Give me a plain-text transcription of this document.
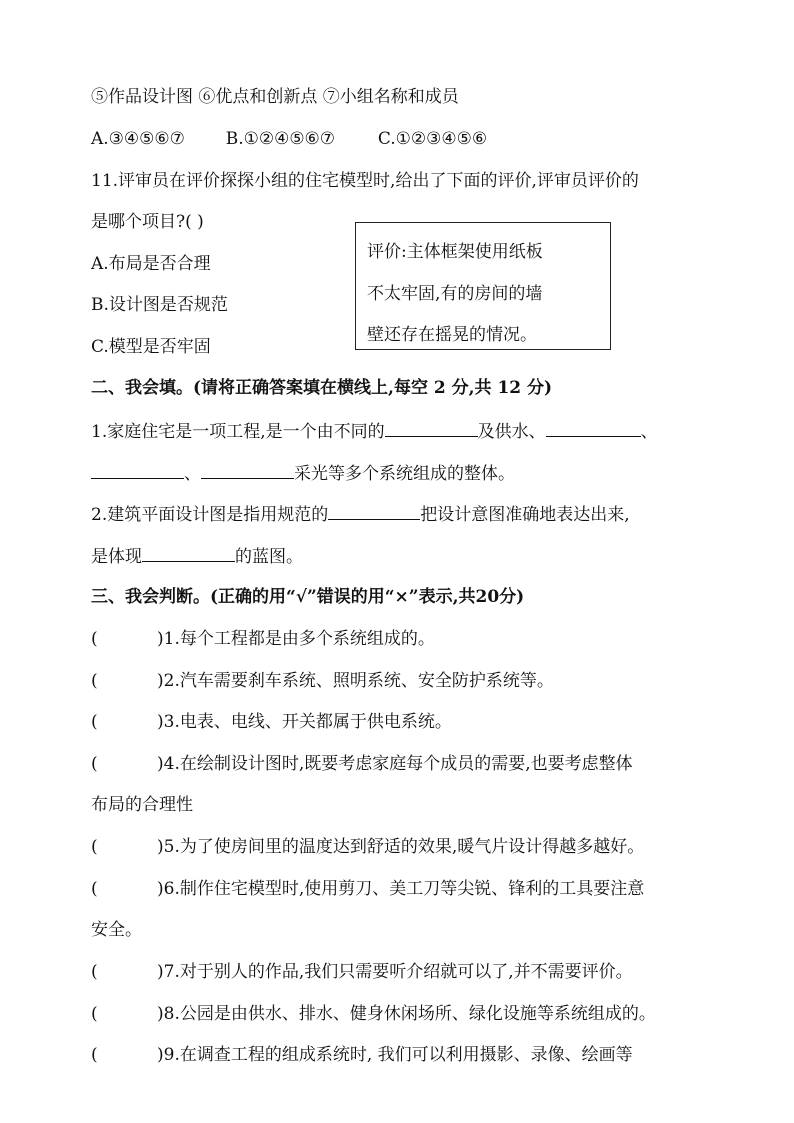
⑤作品设计图 ⑥优点和创新点 ⑦小组名称和成员
A.③④⑤⑥⑦ B.①②④⑤⑥⑦	C.①②③④⑤⑥
11.评审员在评价探探小组的住宅模型时,给出了下面的评价,评审员评价的
是哪个项目?( )
A.布局是否合理
B.设计图是否规范
C.模型是否牢固
评价:主体框架使用纸板
不太牢固,有的房间的墙
壁还存在摇晃的情况。
二、我会填。(请将正确答案填在横线上,每空 2 分,共 12 分)
1.家庭住宅是一项工程,是一个由不同的	及供水、	、
、	采光等多个系统组成的整体。
2.建筑平面设计图是指用规范的	把设计意图准确地表达出来,
是体现	的蓝图。
三、我会判断。(正确的用“√”错误的用“×”表示,共20分)
(	)1.每个工程都是由多个系统组成的。
(	)2.汽车需要刹车系统、照明系统、安全防护系统等。
(	)3.电表、电线、开关都属于供电系统。
(	)4.在绘制设计图时,既要考虑家庭每个成员的需要,也要考虑整体
布局的合理性
(	)5.为了使房间里的温度达到舒适的效果,暖气片设计得越多越好。
(	)6.制作住宅模型时,使用剪刀、美工刀等尖锐、锋利的工具要注意
安全。
(	)7.对于别人的作品,我们只需要听介绍就可以了,并不需要评价。
(	)8.公园是由供水、排水、健身休闲场所、绿化设施等系统组成的。
(	)9.在调查工程的组成系统时, 我们可以利用摄影、录像、绘画等
